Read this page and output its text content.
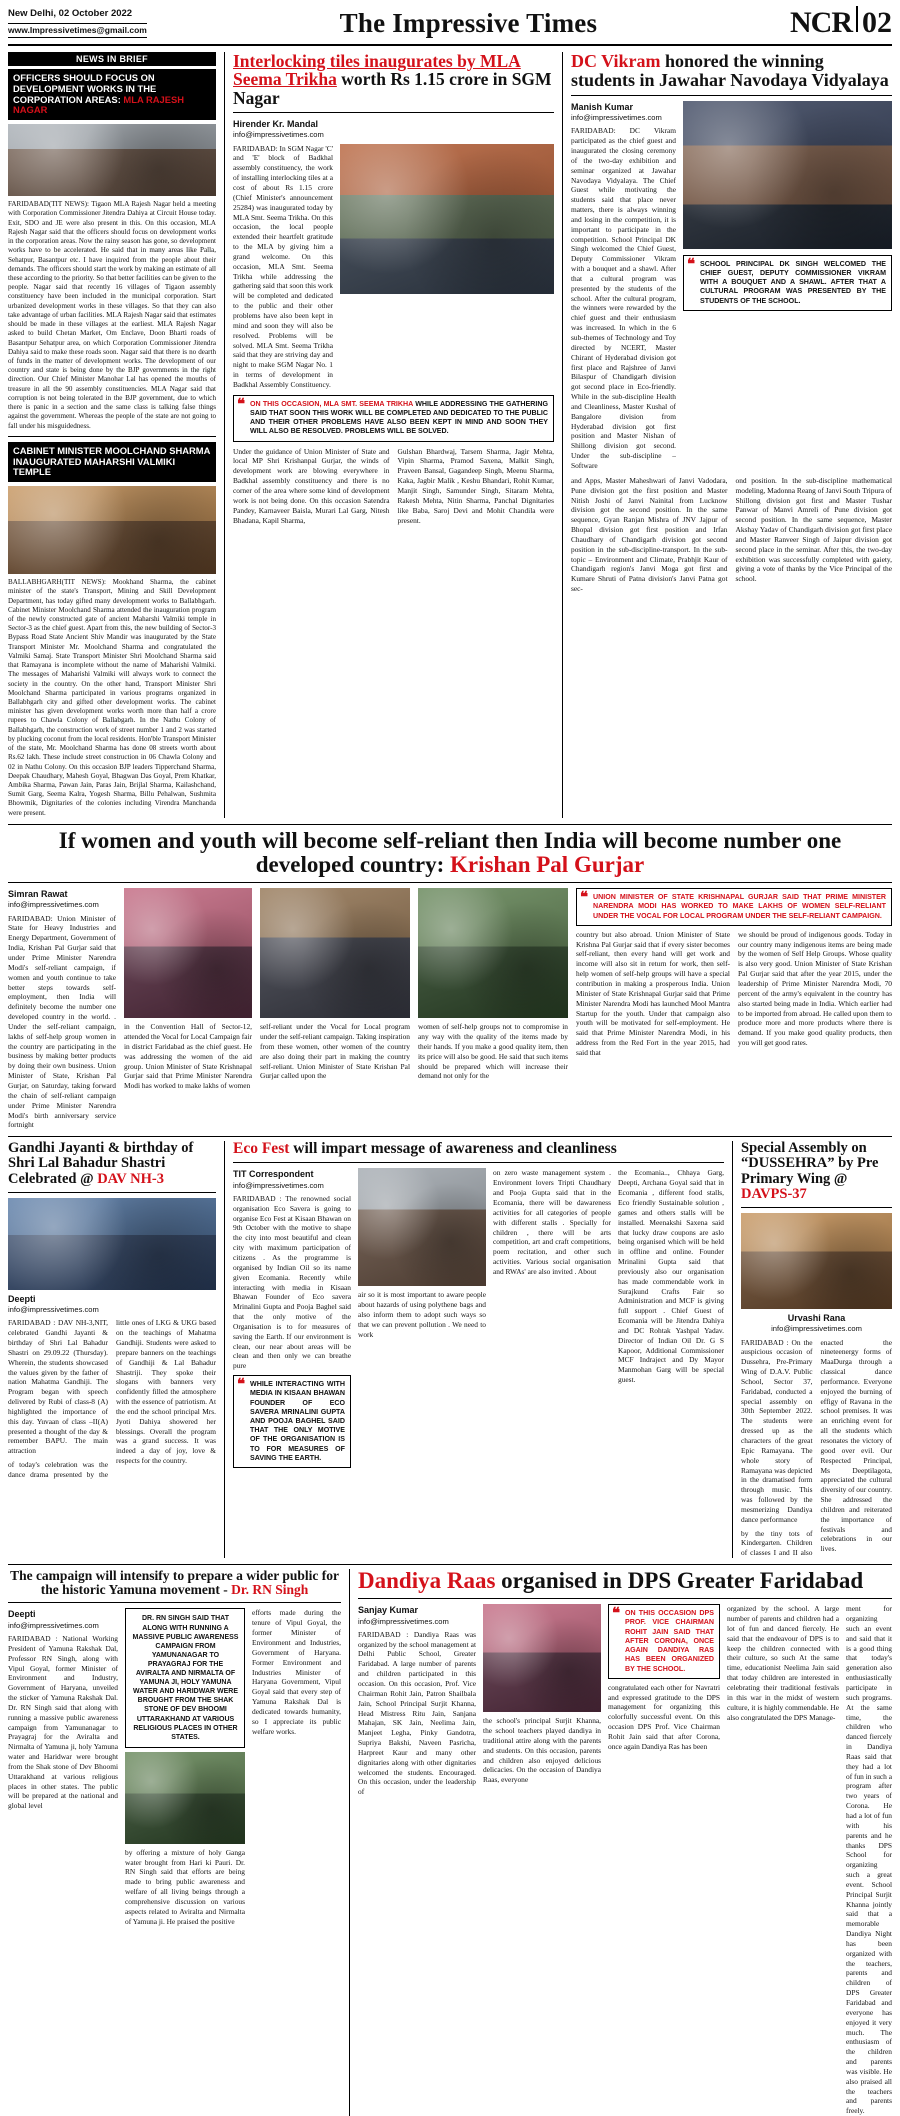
New Delhi, 02 October 2022
www.Impressivetimes@gmail.com	The Impressive Times	NCR 02
NEWS IN BRIEF
OFFICERS SHOULD FOCUS ON DEVELOPMENT WORKS IN THE CORPORATION AREAS: MLA RAJESH NAGAR
FARIDABAD(TIT NEWS): Tigaon MLA Rajesh Nagar held a meeting with Corporation Commissioner Jitendra Dahiya at Circuit House today. Exit, SDO and JE were also present in this. On this occasion, MLA Rajesh Nagar said that the officers should focus on development works in the corporation areas. Now the rainy season has gone, so development works have to be accelerated. He said that in many areas like Palla, Sehatpur, Basantpur etc. I have inquired from the people about their demands. The officers should start the work by making an estimate of all these according to the priority. So that better facilities can be given to the people. Nagar said that recently 16 villages of Tigaon assembly constituency have been included in the municipal corporation. Start urbanized development works in these villages. So that they can also take advantage of urban facilities. MLA Rajesh Nagar said that estimates should be made in these villages at the earliest. MLA Rajesh Nagar asked to build Chetan Market, Om Enclave, Doon Bharti roads of Basantpur Sehatpur area, on which Corporation Commissioner Jitendra Dahiya said to make these roads soon. Nagar said that there is no dearth of funds in the matter of development works. The development of our country and state is being done by the BJP governments in the right direction. Our Chief Minister Manohar Lal has opened the mouths of treasure in all the 90 assembly constituencies. MLA Nagar said that corruption is not being tolerated in the BJP government, due to which there is panic in a section and the same class is talking false things against the government. Whereas the people of the state are not going to fall under his misguidedness.
CABINET MINISTER MOOLCHAND SHARMA INAUGURATED MAHARSHI VALMIKI TEMPLE
BALLABHGARH(TIT NEWS): Mookhand Sharma, the cabinet minister of the state's Transport, Mining and Skill Development Department, has today gifted many development works to Ballabhgarh. Cabinet Minister Moolchand Sharma attended the inauguration program of the newly constructed gate of ancient Maharshi Valmiki temple in Sector-3 as the chief guest. Apart from this, the new building of Sector-3 Bypass Road State Ancient Shiv Mandir was inaugurated by the State Transport Minister Mr. Moolchand Sharma and congratulated the Valmiki Samaj. State Transport Minister Shri Moolchand Sharma said that Ramayana is incomplete without the name of Maharishi Valmiki. The messages of Maharishi Valmiki will always work to connect the society in the country. On the other hand, Transport Minister Shri Moolchand Sharma participated in various programs organized in Ballabhgarh city and gifted other development works. The cabinet minister has given development works worth more than half a crore rupees to Chawla Colony of Ballabgarh. In the Nathu Colony of Ballabhgarh, the construction work of street number 1 and 2 was started by plucking coconut from the local residents. Hon'ble Transport Minister of the state, Mr. Moolchand Sharma has done 08 streets worth about Rs.62 lakh. These include street construction in 06 Chawla Colony and 02 in Nathu Colony. On this occasion BJP leaders Tipperchand Sharma, Deepak Chaudhary, Mahesh Goyal, Bhagwan Das Goyal, Prem Khatkar, Ambika Sharma, Pawan Jain, Paras Jain, Brijlal Sharma, Kailashchand, Sumit Garg, Seema Kalra, Yogesh Sharma, Billu Pehalwan, Sushmita Bhowmik, Dignitaries of the colonies including Virendra Manchanda were present.
Interlocking tiles inaugurates by MLA Seema Trikha worth Rs 1.15 crore in SGM Nagar
Hirender Kr. Mandal
info@impressivetimes.com
FARIDABAD: In SGM Nagar 'C' and 'E' block of Badkhal assembly constituency, the work of installing interlocking tiles at a cost of about Rs 1.15 crore (Chief Minister's announcement 25284) was inaugurated today by MLA Smt. Seema Trikha. On this occasion, the local people extended their heartfelt gratitude to the MLA by giving him a grand welcome. On this occasion, MLA Smt. Seema Trikha while addressing the gathering said that soon this work will be completed and dedicated to the public and their other problems have also been kept in mind and soon they will also be resolved. Problems will be solved. MLA Smt. Seema Trikha said that they are striving day and night to make SGM Nagar No. 1 in terms of development in Badkhal Assembly Constituency.
❝ ON THIS OCCASION, MLA SMT. SEEMA TRIKHA WHILE ADDRESSING THE GATHERING SAID THAT SOON THIS WORK WILL BE COMPLETED AND DEDICATED TO THE PUBLIC AND THEIR OTHER PROBLEMS HAVE ALSO BEEN KEPT IN MIND AND SOON THEY WILL ALSO BE RESOLVED. PROBLEMS WILL BE SOLVED.

Under the guidance of Union Minister of State and local MP Shri Krishanpal Gurjar, the winds of development work are blowing everywhere in Badkhal assembly constituency and there is no corner of the area where some kind of development work is not being done. On this occasion Satendra Pandey, Karnaveer Baisla, Murari Lal Garg, Nitesh Bhadana, Kapil Sharma,

Gulshan Bhardwaj, Tarsem Sharma, Jagir Mehta, Vipin Sharma, Pramod Saxena, Malkit Singh, Praveen Bansal, Gagandeep Singh, Meenu Sharma, Kaka, Jagbir Malik , Keshu Bhandari, Rohit Kumar, Manjit Singh, Samunder Singh, Sitaram Mehta, Rakesh Mehta, Nitin Sharma, Panchal Dignitaries like Baba, Saroj Devi and Mohit Chandila were present.

DC Vikram honored the winning students in Jawahar Navodaya Vidyalaya
Manish Kumar
info@impressivetimes.com
FARIDABAD: DC Vikram participated as the chief guest and inaugurated the closing ceremony of the two-day exhibition and seminar organized at Jawahar Navodaya Vidyalaya. The Chief Guest while motivating the students said that place never matters, there is always winning and losing in the competition, it is important to participate in the competition. School Principal DK Singh welcomed the Chief Guest, Deputy Commissioner Vikram with a bouquet and a shawl. After that a cultural program was presented by the students of the school. After the cultural program, the winners were rewarded by the chief guest and their enthusiasm was increased. In which in the 6 sub-themes of Technology and Toy directed by NCERT, Master Chirant of Hyderabad division got first place and Rajshree of Janvi Bilaspur of Chandigarh division got second place in Eco-friendly. While in the sub-discipline Health and Cleanliness, Master Kushal of Bangalore division from Hyderabad division got first position and Master Nishan of Shillong division got second. Under the sub-discipline – Software
❝ SCHOOL PRINCIPAL DK SINGH WELCOMED THE CHIEF GUEST, DEPUTY COMMISSIONER VIKRAM WITH A BOUQUET AND A SHAWL. AFTER THAT A CULTURAL PROGRAM WAS PRESENTED BY THE STUDENTS OF THE SCHOOL.

and Apps, Master Maheshwari of Janvi Vadodara, Pune division got the first position and Master Nitish Joshi of Janvi Nainital from Lucknow division got the second position. In the same sequence, Gyan Ranjan Mishra of JNV Jajpur of Bhopal division got first position and Irfan Chaudhary of Chandigarh division got second position in the sub-discipline-transport. In the sub-topic – Environment and Climate, Prabhjit Kaur of Chandigarh region's Janvi Moga got first and Kumare Shruti of Patna division's Janvi Patna got sec-

ond position. In the sub-discipline mathematical modeling, Madonna Reang of Janvi South Tripura of Shillong division got first and Master Tushar Panwar of Manvi Amreli of Pune division got second position. In the same sequence, Master Akshay Yadav of Chandigarh division got first place and Master Ranveer Singh of Jaipur division got second place in the seminar. After this, the two-day exhibition was successfully completed with gaiety, giving a vote of thanks by the Vice Principal of the school.

If women and youth will become self-reliant then India will become number one developed country: Krishan Pal Gurjar
Simran Rawat
info@impressivetimes.com
FARIDABAD: Union Minister of State for Heavy Industries and Energy Department, Government of India, Krishan Pal Gurjar said that under Prime Minister Narendra Modi's self-reliant campaign, if women and youth continue to take better steps towards self-employment, then India will definitely become the number one developed country in the world. . Under the self-reliant campaign, lakhs of self-help group women in the country are participating in the business by making better products by doing their own business. Union Minister of State, Krishan Pal Gurjar, on Saturday, taking forward the chain of self-reliant campaign under Prime Minister Narendra Modi's birth anniversary service fortnight
in the Convention Hall of Sector-12, attended the Vocal for Local Campaign fair in district Faridabad as the chief guest. He was addressing the women of the aid group. Union Minister of State Krishnapal Gurjar said that Prime Minister Narendra Modi has worked to make lakhs of women
self-reliant under the Vocal for Local program under the self-reliant campaign. Taking inspiration from these women, other women of the country are also doing their part in making the country self-reliant. Union Minister of State Krishan Pal Gurjar called upon the
women of self-help groups not to compromise in any way with the quality of the items made by their hands. If you make a good quality item, then its price will also be good. He said that such items should be prepared which will increase their demand not only for the
❝ UNION MINISTER OF STATE KRISHNAPAL GURJAR SAID THAT PRIME MINISTER NARENDRA MODI HAS WORKED TO MAKE LAKHS OF WOMEN SELF-RELIANT UNDER THE VOCAL FOR LOCAL PROGRAM UNDER THE SELF-RELIANT CAMPAIGN.

country but also abroad. Union Minister of State Krishna Pal Gurjar said that if every sister becomes self-reliant, then every hand will get work and income will also sit in return for work, then self-help women of self-help groups will have a special contribution in making a prosperous India. Union Minister of State Krishnapal Gurjar said that Prime Minister Narendra Modi has launched Mool Mantra Startup for the youth. Under that campaign also youth will be motivated for self-employment. He said that Prime Minister Narendra Modi, in his address from the Red Fort in the year 2015, had said that

we should be proud of indigenous goods. Today in our country many indigenous items are being made by the women of Self Help Groups. Whose quality is also very good. Union Minister of State Krishan Pal Gurjar said that after the year 2015, under the leadership of Prime Minister Narendra Modi, 70 percent of the army's equivalent in the country has also started being made in India. Which earlier had to be imported from abroad. He called upon them to produce more and more products where there is demand. If you make good quality products, then you will get good rates.

Gandhi Jayanti & birthday of Shri Lal Bahadur Shastri Celebrated @ DAV NH-3
Deepti
info@impressivetimes.com

FARIDABAD : DAV NH-3,NIT, celebrated Gandhi Jayanti & birthday of Shri Lal Bahadur Shastri on 29.09.22 (Thursday). Wherein, the students showcased the values given by the father of nation Mahatma Gandhiji. The Program began with speech delivered by Rubi of class-8 (A) highlighted the importance of this day. Yuvaan of class –II(A) presented a thought of the day & remember BAPU. The main attraction

of today's celebration was the dance drama presented by the little ones of LKG & UKG based on the teachings of Mahatma Gandhiji. Students were asked to prepare banners on the teachings of Gandhiji & Lal Bahadur Shastriji. They spoke their slogans with banners very confidently filled the atmosphere with the essence of patriotism. At the end the school principal Mrs. Jyoti Dahiya showered her blessings. Overall the program was a grand success. It was indeed a day of joy, love & respects for the country.

Eco Fest will impart message of awareness and cleanliness
TIT Correspondent
info@impressivetimes.com
FARIDABAD : The renowned social organisation Eco Savera is going to organise Eco Fest at Kisaan Bhawan on 9th October with the motive to shape the city into most beautiful and clean city with maximum participation of citizens . As the programme is organised by Indian Oil so its name given Ecomania. Recently while interacting with media in Kisaan Bhawan Founder of Eco savera Mrinalini Gupta and Pooja Baghel said that the only motive of the Organisation is to for measures of saving the Earth. If our environment is clean, our near about areas will be clean and then only we can breathe pure
❝ WHILE INTERACTING WITH MEDIA IN KISAAN BHAWAN FOUNDER OF ECO SAVERA MRINALINI GUPTA AND POOJA BAGHEL SAID THAT THE ONLY MOTIVE OF THE ORGANISATION IS TO FOR MEASURES OF SAVING THE EARTH.
air so it is most important to aware people about hazards of using polythene bags and also inform them to adopt such ways so that we can prevent pollution . We need to work
on zero waste management system . Environment lovers Tripti Chaudhary and Pooja Gupta said that in the Ecomania, there will be dawareness activities for all categories of people with different stalls . Specially for children , there will be arts competition, art and craft competitions, poem recitation, and other such activities. Various social organisation and RWAs' are also invited . About
the Ecomania.., Chhaya Garg, Deepti, Archana Goyal said that in Ecomania , different food stalls, Eco friendly Sustainable solution , games and others stalls will be installed. Meenakshi Saxena said that lucky draw coupons are aslo being organised which will be held in offline and online. Founder Mrinalini Gupta said that previously also our organisation has made commendable work in Surajkund Crafts Fair so Administration and MCF is giving full support . Chief Guest of Ecomania will be Jitendra Dahiya and DC Rohtak Yashpal Yadav. Director of Indian Oil Dr. G S Kapoor, Additional Commissioner MCF Indraject and Dy Mayor Manmohan Garg will be special guest.
Special Assembly on “DUSSEHRA” by Pre Primary Wing @ DAVPS-37
Urvashi Rana
info@impressivetimes.com

FARIDABAD : On the auspicious occasion of Dussehra, Pre-Primary Wing of D.A.V. Public School, Sector 37, Faridabad, conducted a special assembly on 30th September 2022. The students were dressed up as the characters of the great Epic Ramayana. The whole story of Ramayana was depicted in the dramatised form through music. This was followed by the mesmerizing Dandiya dance performance

by the tiny tots of Kindergarten. Children of classes I and II also enacted the nineteenergy forms of MaaDurga through a classical dance performance. Everyone enjoyed the burning of effigy of Ravana in the school premises. It was an enriching event for all the students which resonates the victory of good over evil. Our Respected Principal, Ms Deeptilagota, appreciated the cultural diversity of our country. She addressed the children and reiterated the importance of festivals and celebrations in our lives.

The campaign will intensify to prepare a wider public for the historic Yamuna movement - Dr. RN Singh
Deepti
info@impressivetimes.com
FARIDABAD : National Working President of Yamuna Rakshak Dal, Professor RN Singh, along with Vipul Goyal, former Minister of Environment and Industry, Government of Haryana, unveiled the sticker of Yamuna Rakshak Dal. Dr. RN Singh said that along with running a massive public awareness campaign from Yamunanagar to Prayagraj for the Aviralta and Nirmalta of Yamuna ji, holy Yamuna water and Haridwar were brought from the Shak stone of Dev Bhoomi Uttarakhand at various religious places in other states. The public will be prepared at the national and global level
DR. RN SINGH SAID THAT ALONG WITH RUNNING A MASSIVE PUBLIC AWARENESS CAMPAIGN FROM YAMUNANAGAR TO PRAYAGRAJ FOR THE AVIRALTA AND NIRMALTA OF YAMUNA JI, HOLY YAMUNA WATER AND HARIDWAR WERE BROUGHT FROM THE SHAK STONE OF DEV BHOOMI UTTARAKHAND AT VARIOUS RELIGIOUS PLACES IN OTHER STATES.
by offering a mixture of holy Ganga water brought from Hari ki Pauri. Dr. RN Singh said that efforts are being made to bring public awareness and welfare of all living beings through a comprehensive discussion on various aspects related to Aviralta and Nirmalta of Yamuna ji. He praised the positive
efforts made during the tenure of Vipul Goyal, the former Minister of Environment and Industries, Government of Haryana. Former Environment and Industries Minister of Haryana Government, Vipul Goyal said that every step of Yamuna Rakshak Dal is dedicated towards humanity, so I appreciate its public welfare works.
Dandiya Raas organised in DPS Greater Faridabad
Sanjay Kumar
info@impressivetimes.com
FARIDABAD : Dandiya Raas was organized by the school management at Delhi Public School, Greater Faridabad. A large number of parents and children participated in this occasion. On this occasion, Prof. Vice Chairman Rohit Jain, Patron Shailbala Jain, School Principal Surjit Khanna, Head Mistress Ritu Jain, Sanjana Mahajan, SK Jain, Neelima Jain, Manjeet Legha, Pinky Gandotra, Supriya Bakshi, Naveen Pasricha, Harpreet Kaur and many other dignitaries along with other dignitaries welcomed the students. Encouraged. On this occasion, under the leadership of
the school's principal Surjit Khanna, the school teachers played dandiya in traditional attire along with the parents and students. On this occasion, parents and children also enjoyed delicious delicacies. On the occasion of Dandiya Raas, everyone
❝ ON THIS OCCASION DPS PROF. VICE CHAIRMAN ROHIT JAIN SAID THAT AFTER CORONA, ONCE AGAIN DANDIYA RAS HAS BEEN ORGANIZED BY THE SCHOOL.
congratulated each other for Navratri and expressed gratitude to the DPS management for organizing this colorfully successful event. On this occasion DPS Prof. Vice Chairman Rohit Jain said that after Corona, once again Dandiya Ras has been
organized by the school. A large number of parents and children had a lot of fun and danced fiercely. He said that the endeavour of DPS is to keep the children connected with their culture, so such At the same time, educationist Neelima Jain said that today children are interested in celebrating their traditional festivals in this war in the midst of western culture, it is highly commendable. He also congratulated the DPS Manage-
ment for organizing such an event and said that it is a good thing that today's generation also enthusiastically participate in such programs. At the same time, the children who danced fiercely in Dandiya Raas said that they had a lot of fun in such a program after two years of Corona. He had a lot of fun with his parents and he thanks DPS School for organizing such a great event. School Principal Surjit Khanna jointly said that a memorable Dandiya Night has been organized with the teachers, parents and children of DPS Greater Faridabad and everyone has enjoyed it very much. The enthusiasm of the children and parents was visible. He also praised all the teachers and parents freely.
